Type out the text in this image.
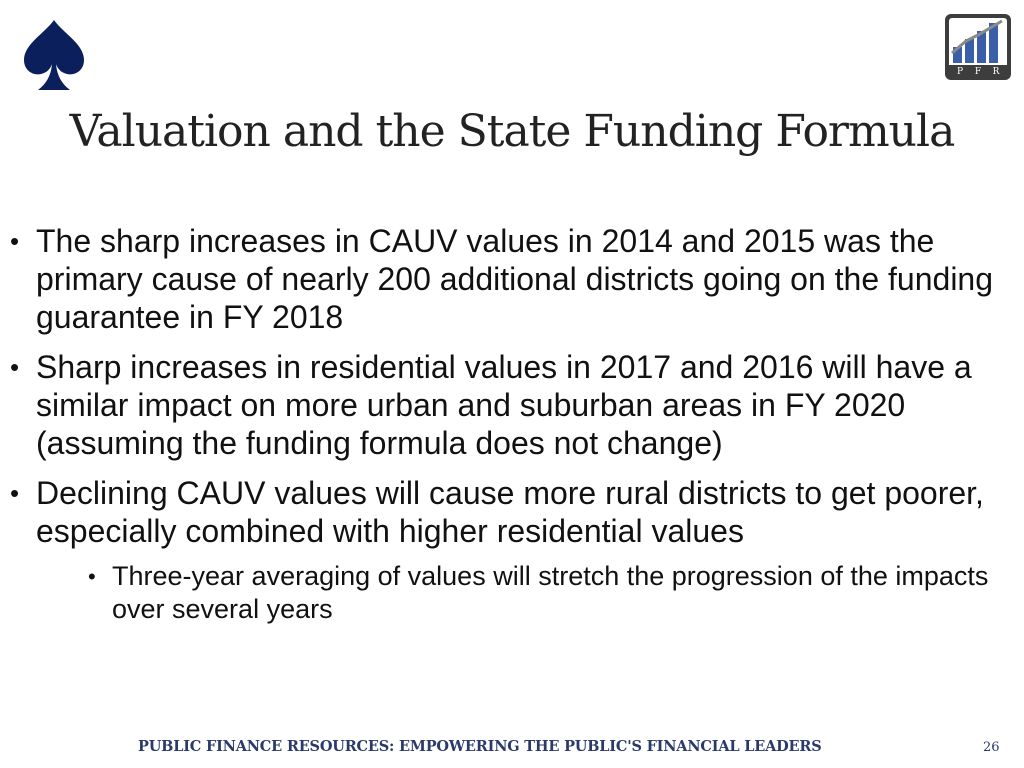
P F R
Valuation and the State Funding Formula
• The sharp increases in CAUV values in 2014 and 2015 was the primary cause of nearly 200 additional districts going on the funding guarantee in FY 2018
• Sharp increases in residential values in 2017 and 2016 will have a similar impact on more urban and suburban areas in FY 2020 (assuming the funding formula does not change)
• Declining CAUV values will cause more rural districts to get poorer, especially combined with higher residential values
• Three-year averaging of values will stretch the progression of the impacts over several years
PUBLIC FINANCE RESOURCES: EMPOWERING THE PUBLIC'S FINANCIAL LEADERS	26
